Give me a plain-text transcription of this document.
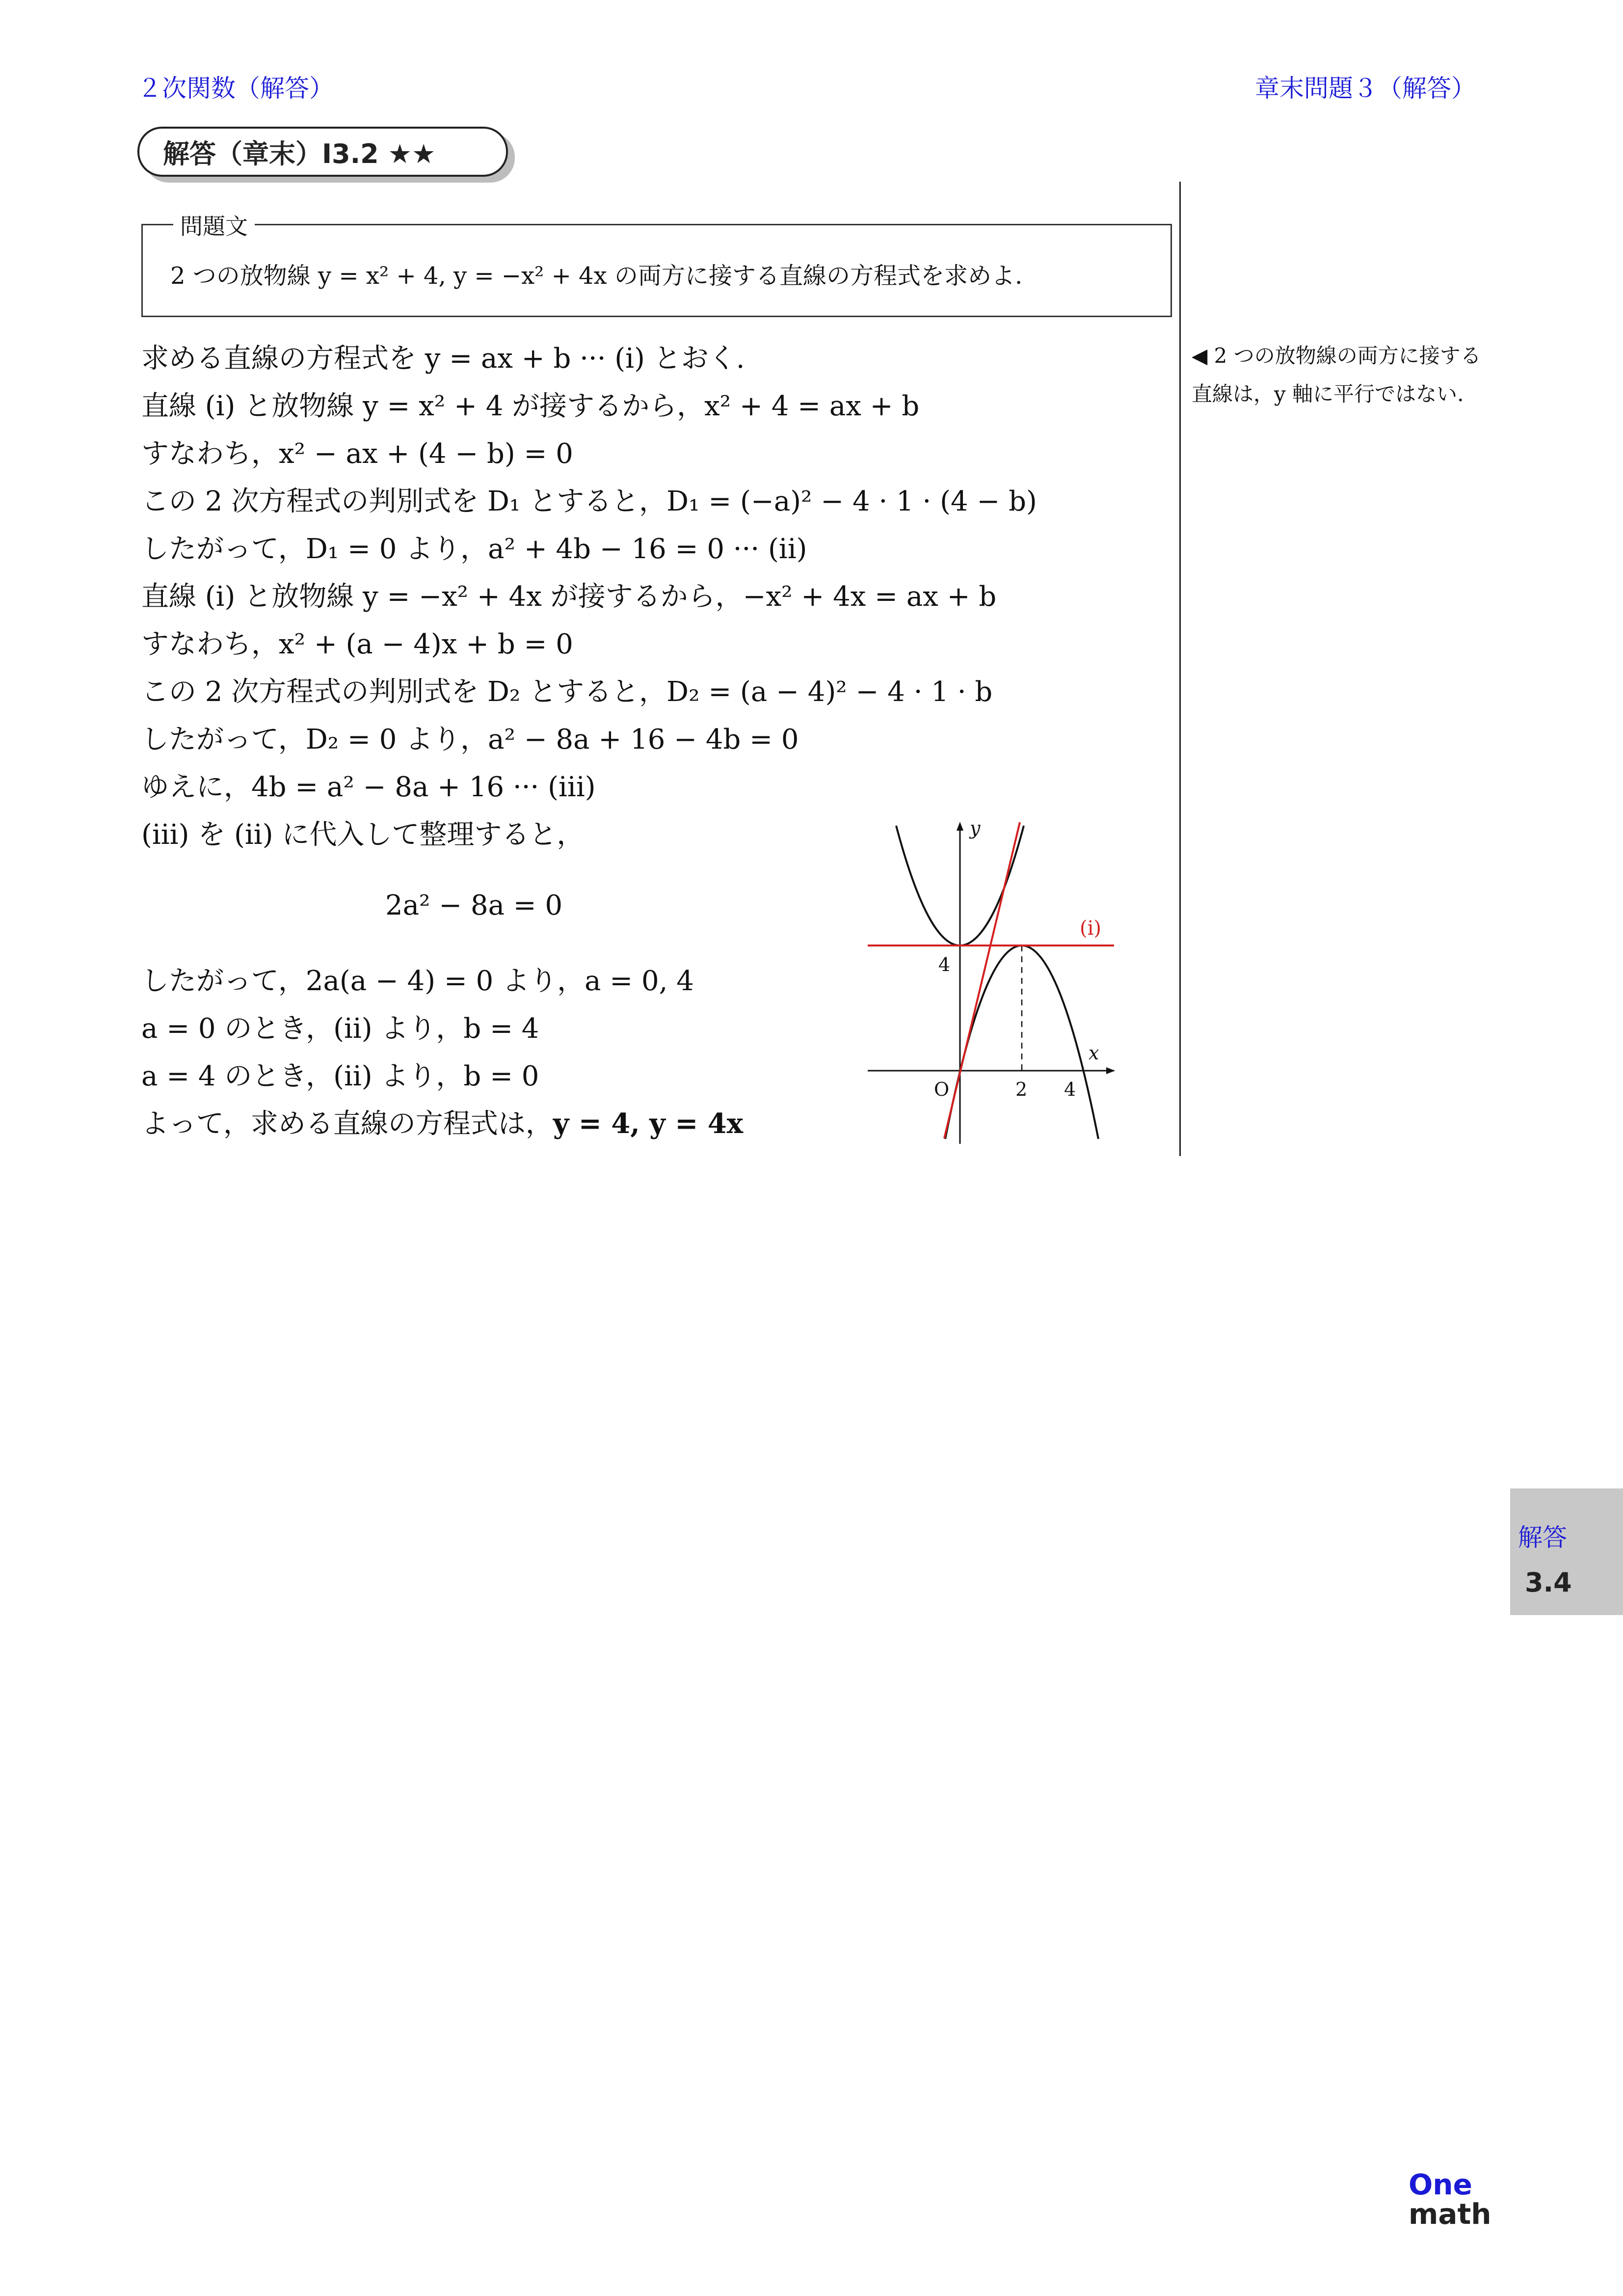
２次関数（解答）	章末問題３（解答）
解答（章末）I3.2 ★★
問題文
2 つの放物線 y = x² + 4, y = −x² + 4x の両方に接する直線の方程式を求めよ.
◀ 2 つの放物線の両方に接する直線は，y 軸に平行ではない.
求める直線の方程式を y = ax + b ··· (i) とおく.
直線 (i) と放物線 y = x² + 4 が接するから，x² + 4 = ax + b
すなわち，x² − ax + (4 − b) = 0
この 2 次方程式の判別式を D₁ とすると，D₁ = (−a)² − 4 · 1 · (4 − b)
したがって，D₁ = 0 より，a² + 4b − 16 = 0 ··· (ii)
直線 (i) と放物線 y = −x² + 4x が接するから，−x² + 4x = ax + b
すなわち，x² + (a − 4)x + b = 0
この 2 次方程式の判別式を D₂ とすると，D₂ = (a − 4)² − 4 · 1 · b
したがって，D₂ = 0 より，a² − 8a + 16 − 4b = 0
ゆえに，4b = a² − 8a + 16 ··· (iii)
(iii) を (ii) に代入して整理すると，
2a² − 8a = 0
したがって，2a(a − 4) = 0 より，a = 0, 4
a = 0 のとき，(ii) より，b = 4
a = 4 のとき，(ii) より，b = 0
よって，求める直線の方程式は，y = 4, y = 4x
y
x
O	2 4
4
(i)
解答
3.4
One
math
